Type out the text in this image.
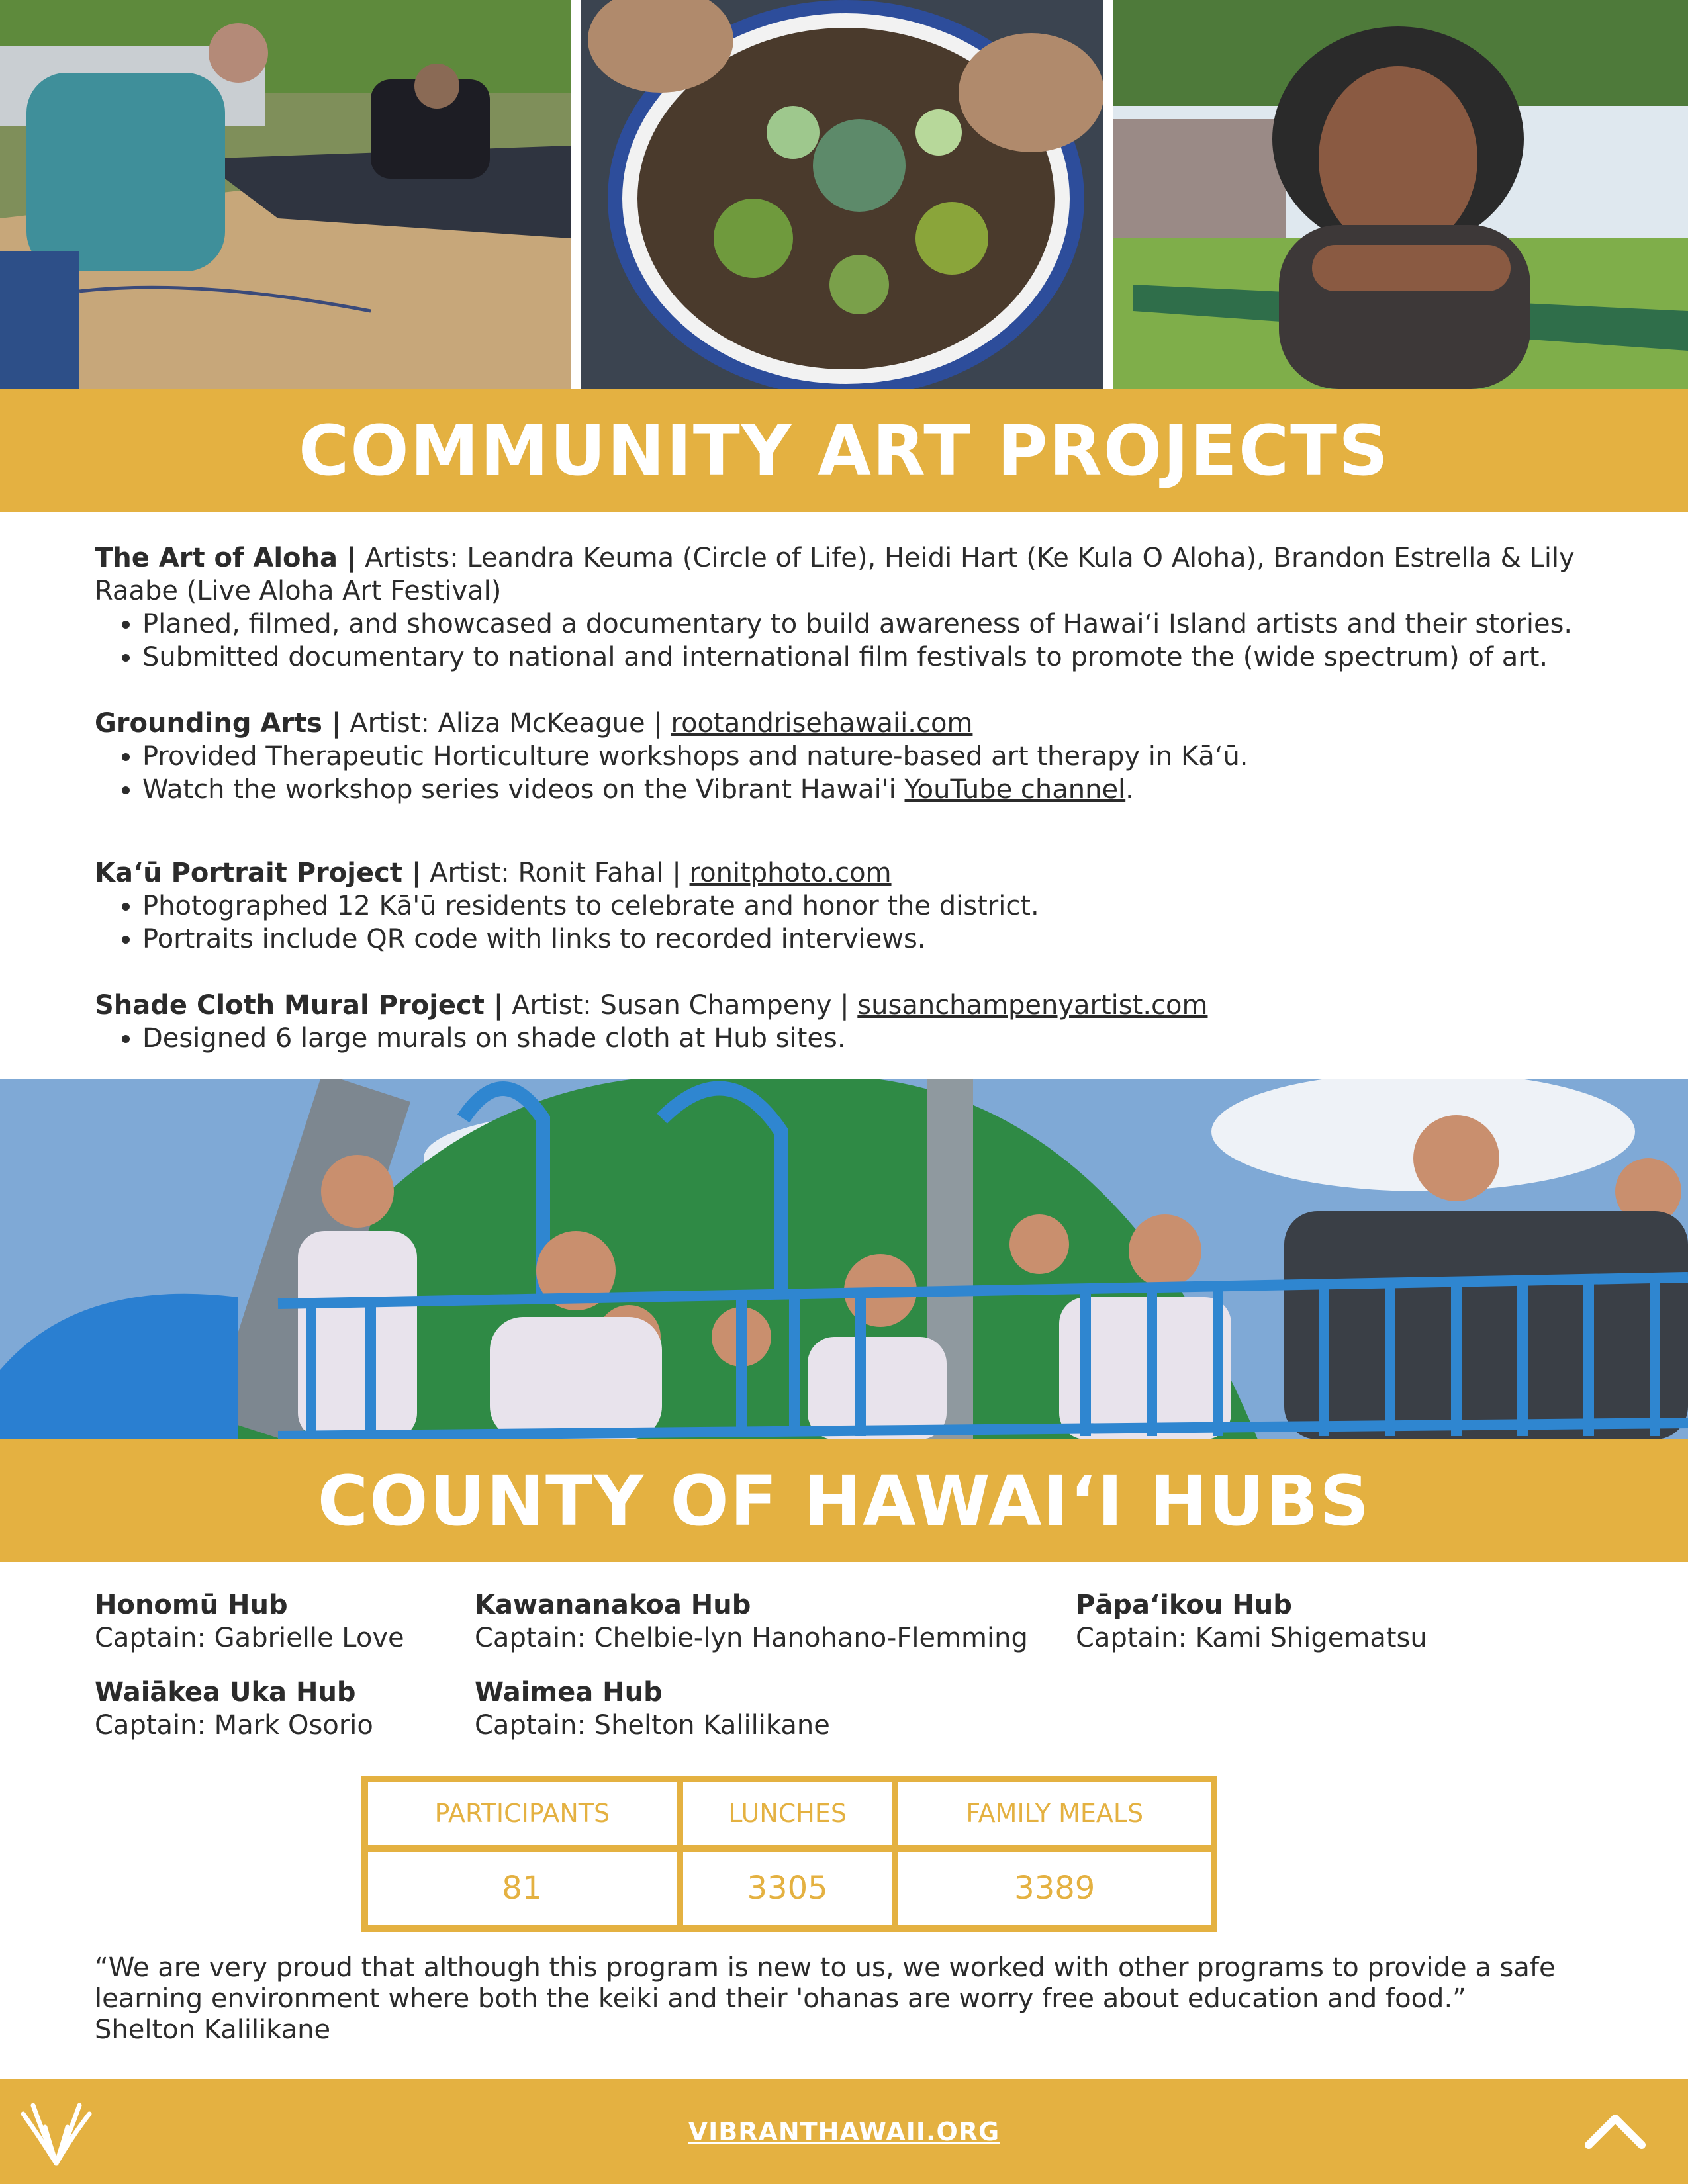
COMMUNITY ART PROJECTS

The Art of Aloha | Artists: Leandra Keuma (Circle of Life), Heidi Hart (Ke Kula O Aloha), Brandon Estrella & Lily Raabe (Live Aloha Art Festival)

• Planed, filmed, and showcased a documentary to build awareness of Hawaiʻi Island artists and their stories.
• Submitted documentary to national and international film festivals to promote the (wide spectrum) of art.

Grounding Arts | Artist: Aliza McKeague | rootandrisehawaii.com

• Provided Therapeutic Horticulture workshops and nature-based art therapy in Kāʻū.
• Watch the workshop series videos on the Vibrant Hawai'i YouTube channel.

Kaʻū Portrait Project | Artist: Ronit Fahal | ronitphoto.com

• Photographed 12 Kā'ū residents to celebrate and honor the district.
• Portraits include QR code with links to recorded interviews.

Shade Cloth Mural Project | Artist: Susan Champeny | susanchampenyartist.com

• Designed 6 large murals on shade cloth at Hub sites.
COUNTY OF HAWAIʻI HUBS
Honomū Hub
Captain: Gabrielle Love
Kawananakoa Hub
Captain: Chelbie-lyn Hanohano-Flemming
Pāpaʻikou Hub
Captain: Kami Shigematsu
Waiākea Uka Hub
Captain: Mark Osorio
Waimea Hub
Captain: Shelton Kalilikane
PARTICIPANTS	LUNCHES	FAMILY MEALS
81	3305	3389

“We are very proud that although this program is new to us, we worked with other programs to provide a safe learning environment where both the keiki and their 'ohanas are worry free about education and food.”

Shelton Kalilikane

VIBRANTHAWAII.ORG
